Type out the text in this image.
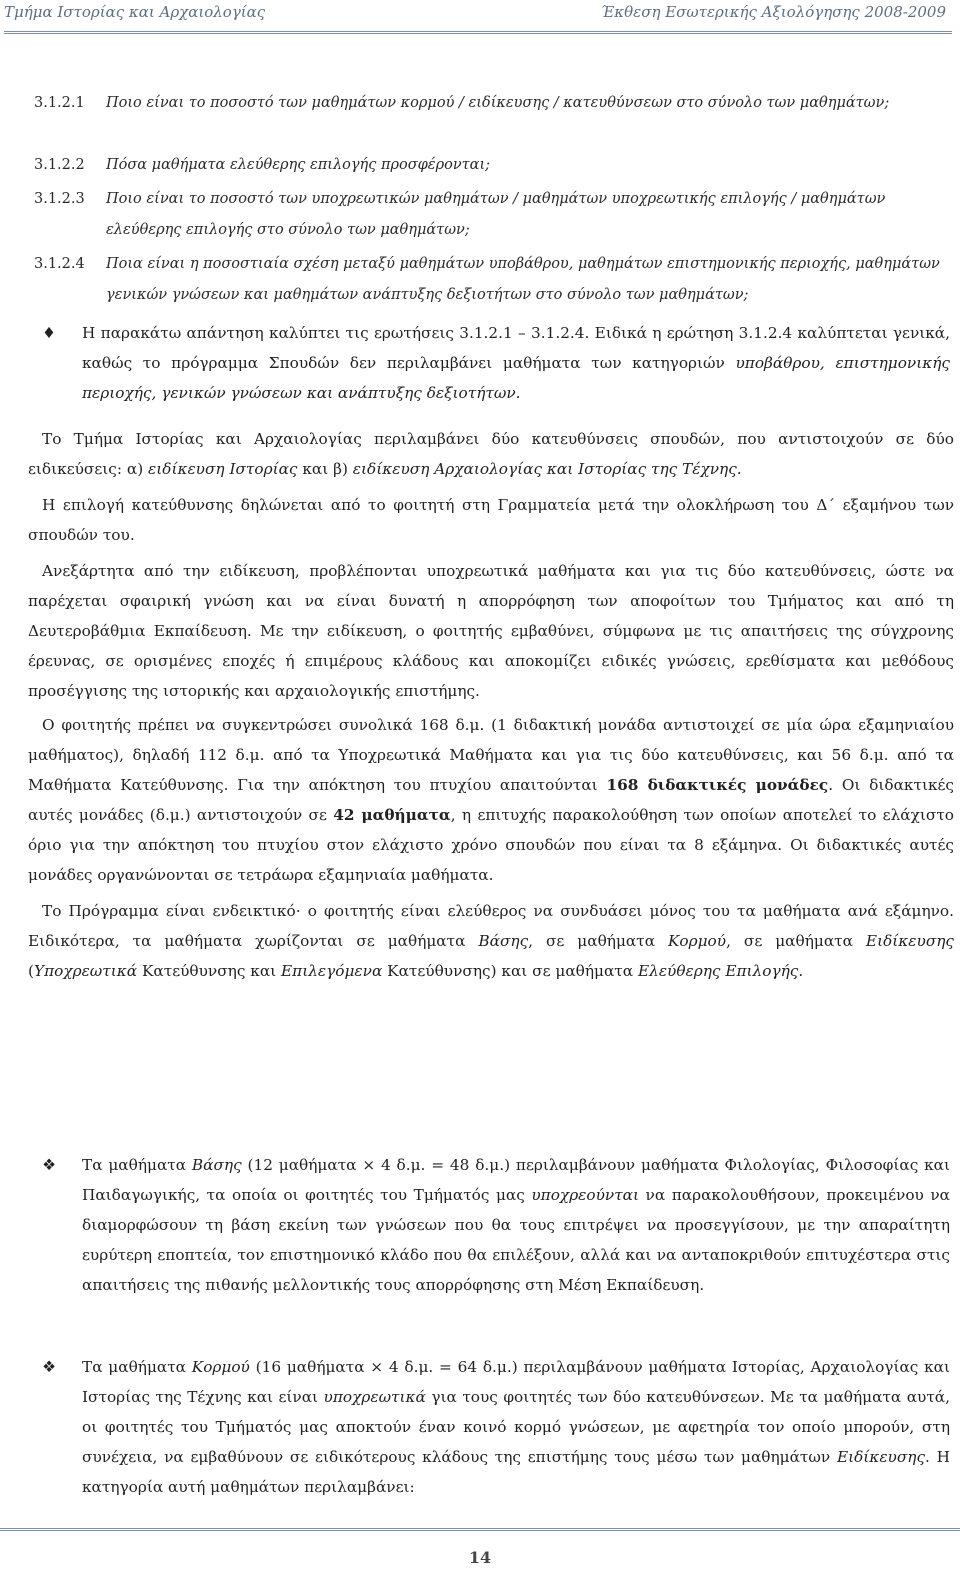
Τμήμα Ιστορίας και Αρχαιολογίας	Έκθεση Εσωτερικής Αξιολόγησης 2008-2009
3.1.2.1	Ποιο είναι το ποσοστό των μαθημάτων κορμού / ειδίκευσης / κατευθύνσεων στο σύνολο των μαθημάτων;
3.1.2.2	Πόσα μαθήματα ελεύθερης επιλογής προσφέρονται;
3.1.2.3	Ποιο είναι το ποσοστό των υποχρεωτικών μαθημάτων / μαθημάτων υποχρεωτικής επιλογής / μαθημάτων ελεύθερης επιλογής στο σύνολο των μαθημάτων;
3.1.2.4	Ποια είναι η ποσοστιαία σχέση μεταξύ μαθημάτων υποβάθρου, μαθημάτων επιστημονικής περιοχής, μαθημάτων γενικών γνώσεων και μαθημάτων ανάπτυξης δεξιοτήτων στο σύνολο των μαθημάτων;
♦	Η παρακάτω απάντηση καλύπτει τις ερωτήσεις 3.1.2.1 – 3.1.2.4. Ειδικά η ερώτηση 3.1.2.4 καλύπτεται γενικά, καθώς το πρόγραμμα Σπουδών δεν περιλαμβάνει μαθήματα των κατηγοριών υποβάθρου, επιστημονικής περιοχής, γενικών γνώσεων και ανάπτυξης δεξιοτήτων.

Το Τμήμα Ιστορίας και Αρχαιολογίας περιλαμβάνει δύο κατευθύνσεις σπουδών, που αντιστοιχούν σε δύο ειδικεύσεις: α) ειδίκευση Ιστορίας και β) ειδίκευση Αρχαιολογίας και Ιστορίας της Τέχνης.

Η επιλογή κατεύθυνσης δηλώνεται από το φοιτητή στη Γραμματεία μετά την ολοκλήρωση του Δ΄ εξαμήνου των σπουδών του.

Ανεξάρτητα από την ειδίκευση, προβλέπονται υποχρεωτικά μαθήματα και για τις δύο κατευθύνσεις, ώστε να παρέχεται σφαιρική γνώση και να είναι δυνατή η απορρόφηση των αποφοίτων του Τμήματος και από τη Δευτεροβάθμια Εκπαίδευση. Με την ειδίκευση, ο φοιτητής εμβαθύνει, σύμφωνα με τις απαιτήσεις της σύγχρονης έρευνας, σε ορισμένες εποχές ή επιμέρους κλάδους και αποκομίζει ειδικές γνώσεις, ερεθίσματα και μεθόδους προσέγγισης της ιστορικής και αρχαιολογικής επιστήμης.

Ο φοιτητής πρέπει να συγκεντρώσει συνολικά 168 δ.μ. (1 διδακτική μονάδα αντιστοιχεί σε μία ώρα εξαμηνιαίου μαθήματος), δηλαδή 112 δ.μ. από τα Υποχρεωτικά Μαθήματα και για τις δύο κατευθύνσεις, και 56 δ.μ. από τα Μαθήματα Κατεύθυνσης. Για την απόκτηση του πτυχίου απαιτούνται 168 διδακτικές μονάδες. Οι διδακτικές αυτές μονάδες (δ.μ.) αντιστοιχούν σε 42 μαθήματα, η επιτυχής παρακολούθηση των οποίων αποτελεί το ελάχιστο όριο για την απόκτηση του πτυχίου στον ελάχιστο χρόνο σπουδών που είναι τα 8 εξάμηνα. Οι διδακτικές αυτές μονάδες οργανώνονται σε τετράωρα εξαμηνιαία μαθήματα.

Το Πρόγραμμα είναι ενδεικτικό· ο φοιτητής είναι ελεύθερος να συνδυάσει μόνος του τα μαθήματα ανά εξάμηνο. Ειδικότερα, τα μαθήματα χωρίζονται σε μαθήματα Βάσης, σε μαθήματα Κορμού, σε μαθήματα Ειδίκευσης (Υποχρεωτικά Κατεύθυνσης και Επιλεγόμενα Κατεύθυνσης) και σε μαθήματα Ελεύθερης Επιλογής.

❖	Τα μαθήματα Βάσης (12 μαθήματα × 4 δ.μ. = 48 δ.μ.) περιλαμβάνουν μαθήματα Φιλολογίας, Φιλοσοφίας και Παιδαγωγικής, τα οποία οι φοιτητές του Τμήματός μας υποχρεούνται να παρακολουθήσουν, προκειμένου να διαμορφώσουν τη βάση εκείνη των γνώσεων που θα τους επιτρέψει να προσεγγίσουν, με την απαραίτητη ευρύτερη εποπτεία, τον επιστημονικό κλάδο που θα επιλέξουν, αλλά και να ανταποκριθούν επιτυχέστερα στις απαιτήσεις της πιθανής μελλοντικής τους απορρόφησης στη Μέση Εκπαίδευση.
❖	Τα μαθήματα Κορμού (16 μαθήματα × 4 δ.μ. = 64 δ.μ.) περιλαμβάνουν μαθήματα Ιστορίας, Αρχαιολογίας και Ιστορίας της Τέχνης και είναι υποχρεωτικά για τους φοιτητές των δύο κατευθύνσεων. Με τα μαθήματα αυτά, οι φοιτητές του Τμήματός μας αποκτούν έναν κοινό κορμό γνώσεων, με αφετηρία τον οποίο μπορούν, στη συνέχεια, να εμβαθύνουν σε ειδικότερους κλάδους της επιστήμης τους μέσω των μαθημάτων Ειδίκευσης. Η κατηγορία αυτή μαθημάτων περιλαμβάνει:
14
